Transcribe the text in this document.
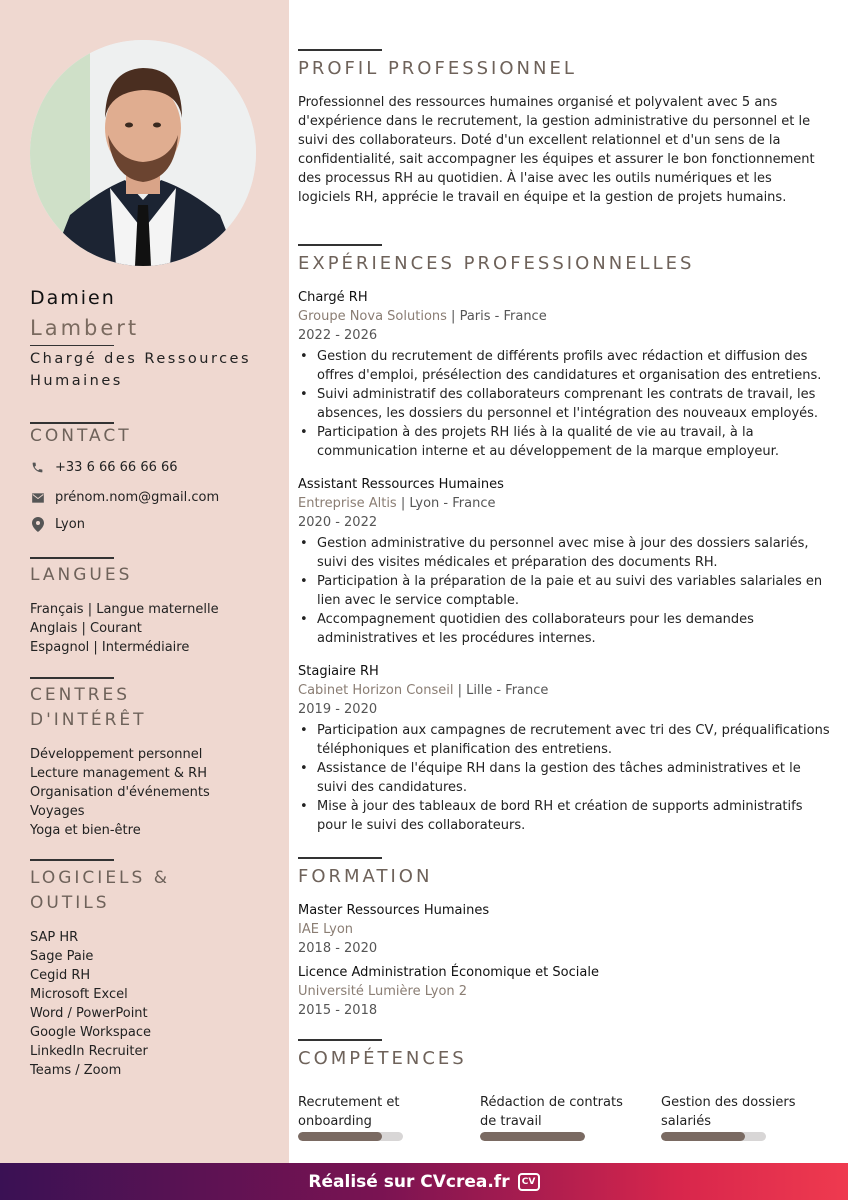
Damien
Lambert
Chargé des Ressources Humaines
CONTACT
+33 6 66 66 66 66
prénom.nom@gmail.com
Lyon
LANGUES
Français | Langue maternelle
Anglais | Courant
Espagnol | Intermédiaire
CENTRES D'INTÉRÊT
Développement personnel
Lecture management & RH
Organisation d'événements
Voyages
Yoga et bien-être
LOGICIELS & OUTILS
SAP HR
Sage Paie
Cegid RH
Microsoft Excel
Word / PowerPoint
Google Workspace
LinkedIn Recruiter
Teams / Zoom
PROFIL PROFESSIONNEL
Professionnel des ressources humaines organisé et polyvalent avec 5 ans d'expérience dans le recrutement, la gestion administrative du personnel et le suivi des collaborateurs. Doté d'un excellent relationnel et d'un sens de la confidentialité, sait accompagner les équipes et assurer le bon fonctionnement des processus RH au quotidien. À l'aise avec les outils numériques et les logiciels RH, apprécie le travail en équipe et la gestion de projets humains.
EXPÉRIENCES PROFESSIONNELLES
Chargé RH
Groupe Nova Solutions | Paris - France
2022 - 2026
• Gestion du recrutement de différents profils avec rédaction et diffusion des offres d'emploi, présélection des candidatures et organisation des entretiens.
• Suivi administratif des collaborateurs comprenant les contrats de travail, les absences, les dossiers du personnel et l'intégration des nouveaux employés.
• Participation à des projets RH liés à la qualité de vie au travail, à la communication interne et au développement de la marque employeur.
Assistant Ressources Humaines
Entreprise Altis | Lyon - France
2020 - 2022
• Gestion administrative du personnel avec mise à jour des dossiers salariés, suivi des visites médicales et préparation des documents RH.
• Participation à la préparation de la paie et au suivi des variables salariales en lien avec le service comptable.
• Accompagnement quotidien des collaborateurs pour les demandes administratives et les procédures internes.
Stagiaire RH
Cabinet Horizon Conseil | Lille - France
2019 - 2020
• Participation aux campagnes de recrutement avec tri des CV, préqualifications téléphoniques et planification des entretiens.
• Assistance de l'équipe RH dans la gestion des tâches administratives et le suivi des candidatures.
• Mise à jour des tableaux de bord RH et création de supports administratifs pour le suivi des collaborateurs.
FORMATION
Master Ressources Humaines
IAE Lyon
2018 - 2020
Licence Administration Économique et Sociale
Université Lumière Lyon 2
2015 - 2018
COMPÉTENCES
Recrutement et onboarding
Rédaction de contrats de travail
Gestion des dossiers salariés
Réalisé sur CVcrea.fr	CV
